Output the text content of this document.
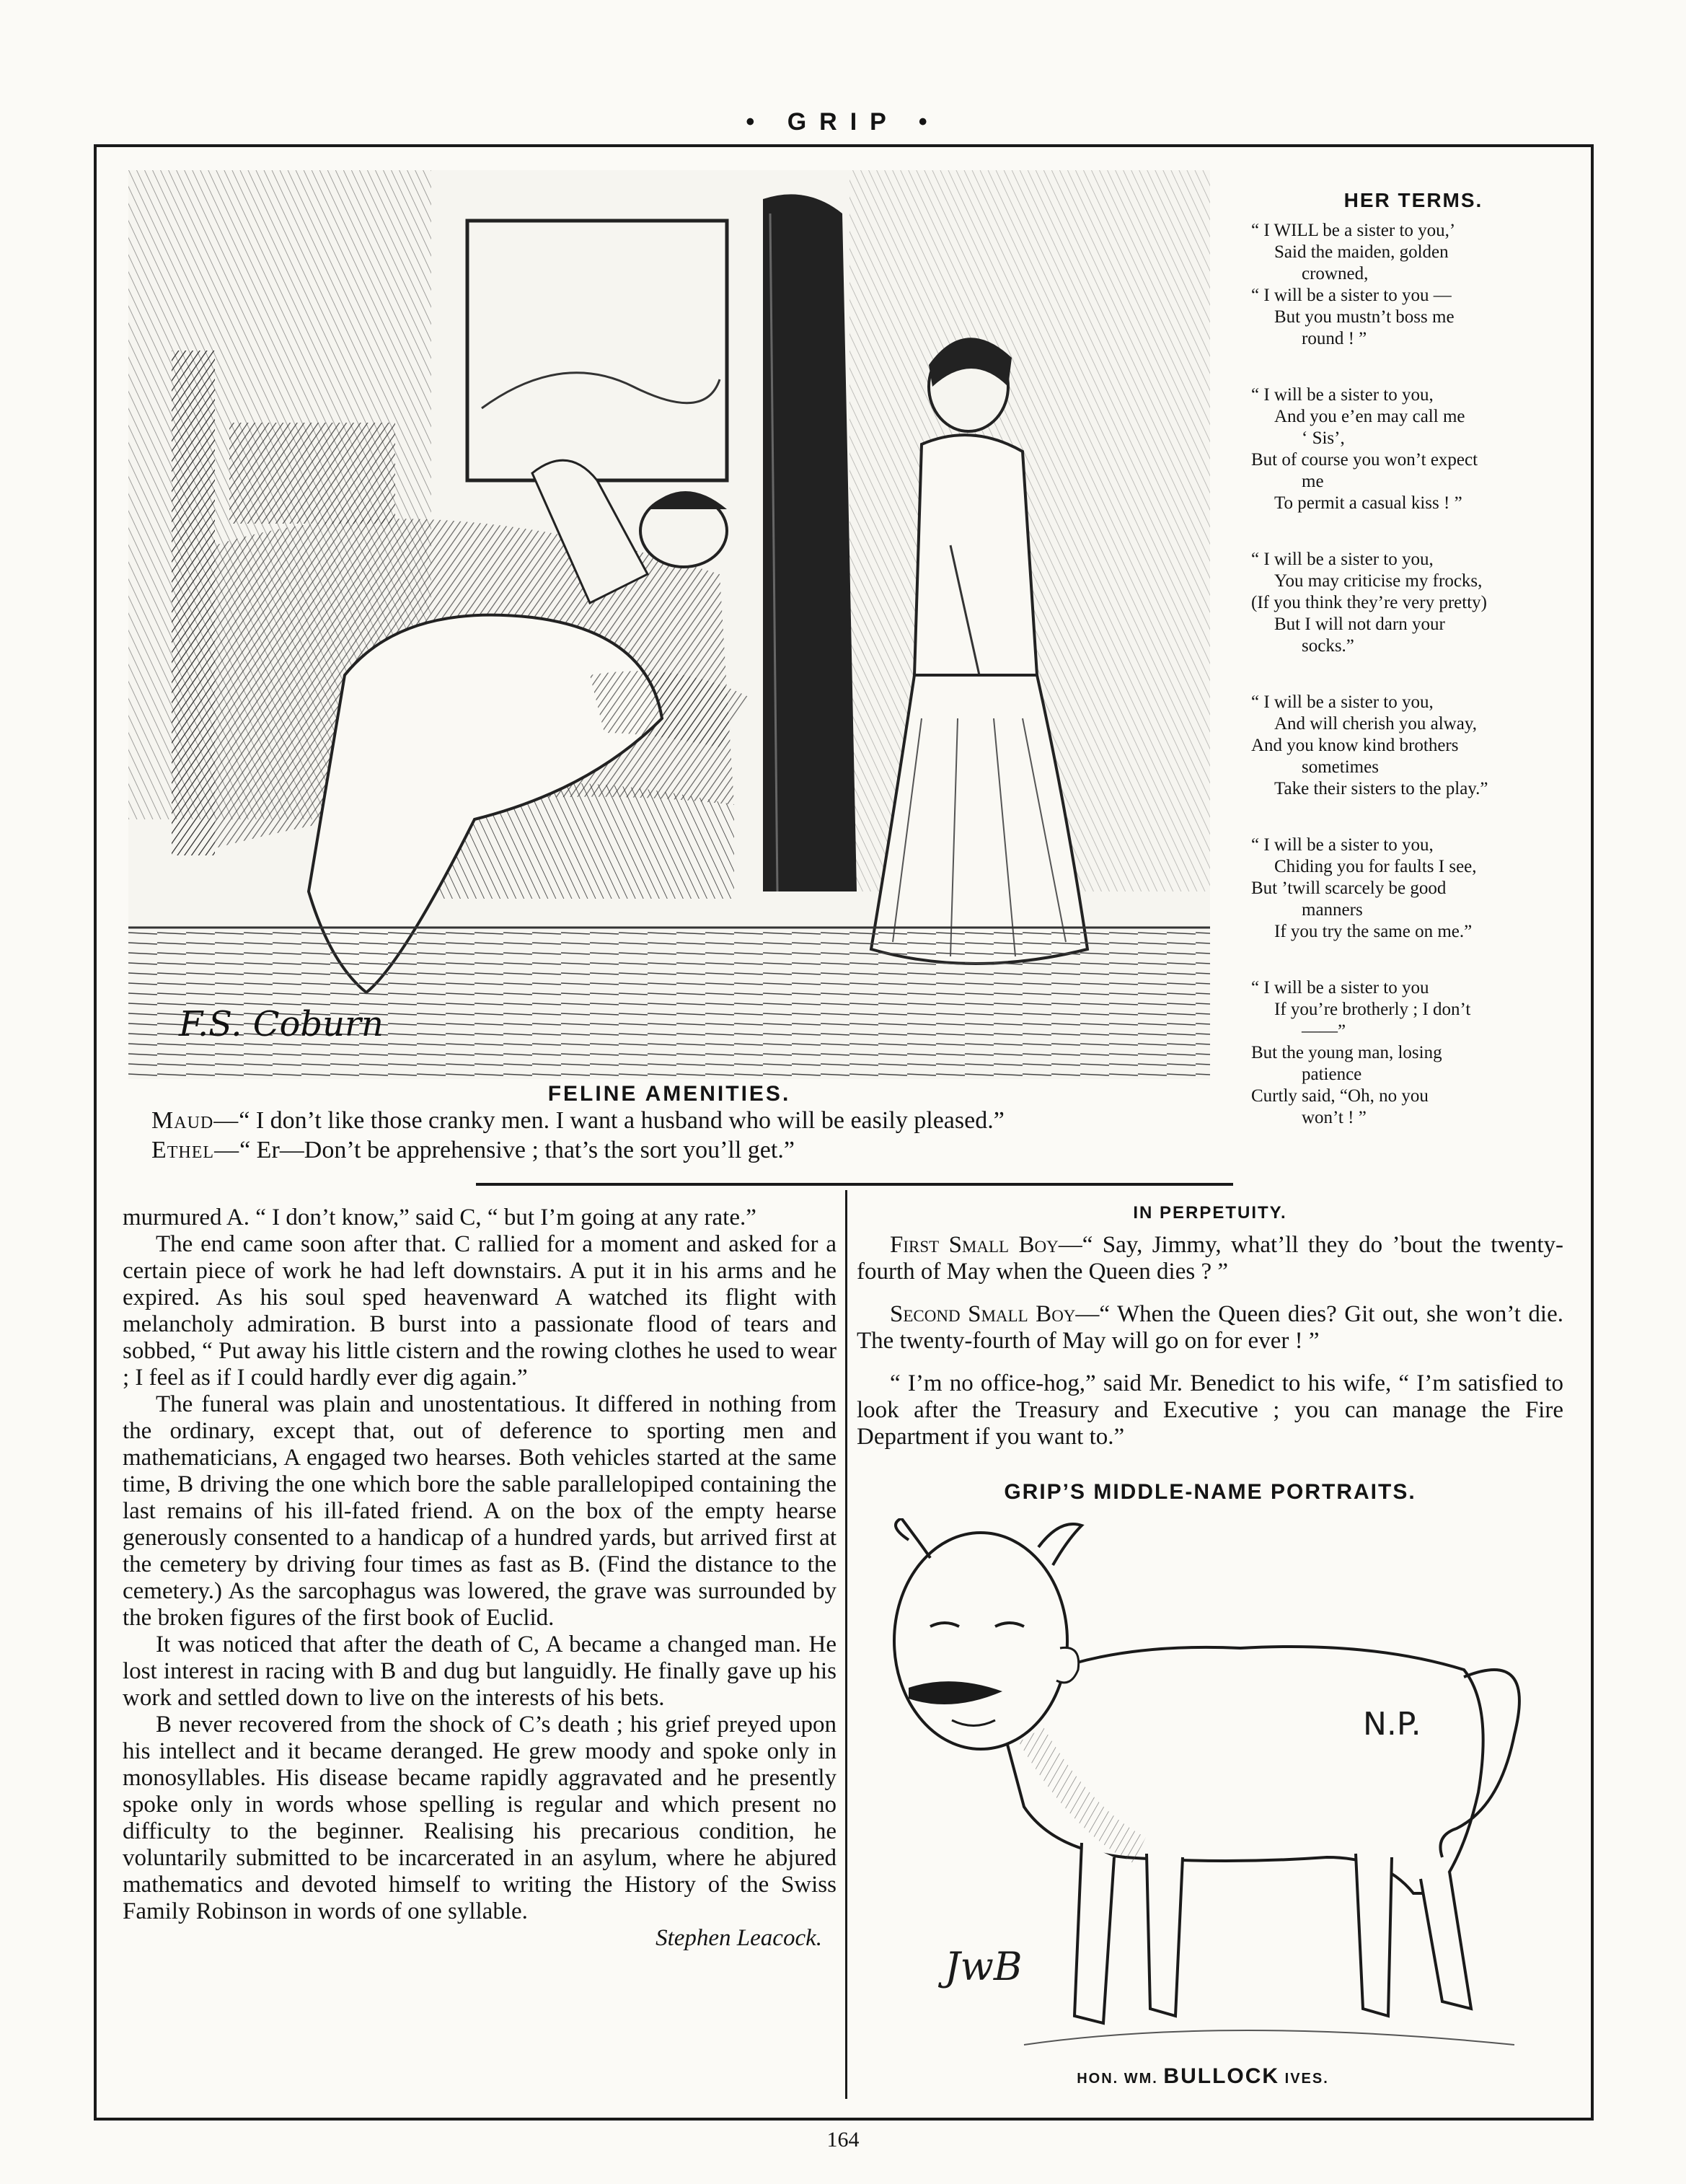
• GRIP •
F.S. Coburn
FELINE AMENITIES.
Maud—“ I don’t like those cranky men. I want a husband who will be easily pleased.”
Ethel—“ Er—Don’t be apprehensive ; that’s the sort you’ll get.”
HER TERMS.
“ I WILL be a sister to you,’
Said the maiden, golden
crowned,
“ I will be a sister to you —
But you mustn’t boss me
round ! ”
“ I will be a sister to you,
And you e’en may call me
‘ Sis’,
But of course you won’t expect
me
To permit a casual kiss ! ”
“ I will be a sister to you,
You may criticise my frocks,
(If you think they’re very pretty)
But I will not darn your
socks.”
“ I will be a sister to you,
And will cherish you alway,
And you know kind brothers
sometimes
Take their sisters to the play.”
“ I will be a sister to you,
Chiding you for faults I see,
But ’twill scarcely be good
manners
If you try the same on me.”
“ I will be a sister to you
If you’re brotherly ; I don’t
——”
But the young man, losing
patience
Curtly said, “Oh, no you
won’t ! ”

murmured A. “ I don’t know,” said C, “ but I’m going at any rate.”

The end came soon after that. C rallied for a moment and asked for a certain piece of work he had left downstairs. A put it in his arms and he expired. As his soul sped heavenward A watched its flight with melancholy admiration. B burst into a passionate flood of tears and sobbed, “ Put away his little cistern and the rowing clothes he used to wear ; I feel as if I could hardly ever dig again.”

The funeral was plain and unostentatious. It differed in nothing from the ordinary, except that, out of deference to sporting men and mathematicians, A engaged two hearses. Both vehicles started at the same time, B driving the one which bore the sable parallelopiped containing the last remains of his ill-fated friend. A on the box of the empty hearse generously consented to a handicap of a hundred yards, but arrived first at the cemetery by driving four times as fast as B. (Find the distance to the cemetery.) As the sarcophagus was lowered, the grave was surrounded by the broken figures of the first book of Euclid.

It was noticed that after the death of C, A became a changed man. He lost interest in racing with B and dug but languidly. He finally gave up his work and settled down to live on the interests of his bets.

B never recovered from the shock of C’s death ; his grief preyed upon his intellect and it became deranged. He grew moody and spoke only in monosyllables. His disease became rapidly aggravated and he presently spoke only in words whose spelling is regular and which present no difficulty to the beginner. Realising his precarious condition, he voluntarily submitted to be incarcerated in an asylum, where he abjured mathematics and devoted himself to writing the History of the Swiss Family Robinson in words of one syllable.

Stephen Leacock.

IN PERPETUITY.

First Small Boy—“ Say, Jimmy, what’ll they do ’bout the twenty-fourth of May when the Queen dies ? ”

Second Small Boy—“ When the Queen dies? Git out, she won’t die. The twenty-fourth of May will go on for ever ! ”

“ I’m no office-hog,” said Mr. Benedict to his wife, “ I’m satisfied to look after the Treasury and Executive ; you can manage the Fire Department if you want to.”

GRIP’S MIDDLE-NAME PORTRAITS.
N.P.
JwB
HON. WM. BULLOCK IVES.
164
